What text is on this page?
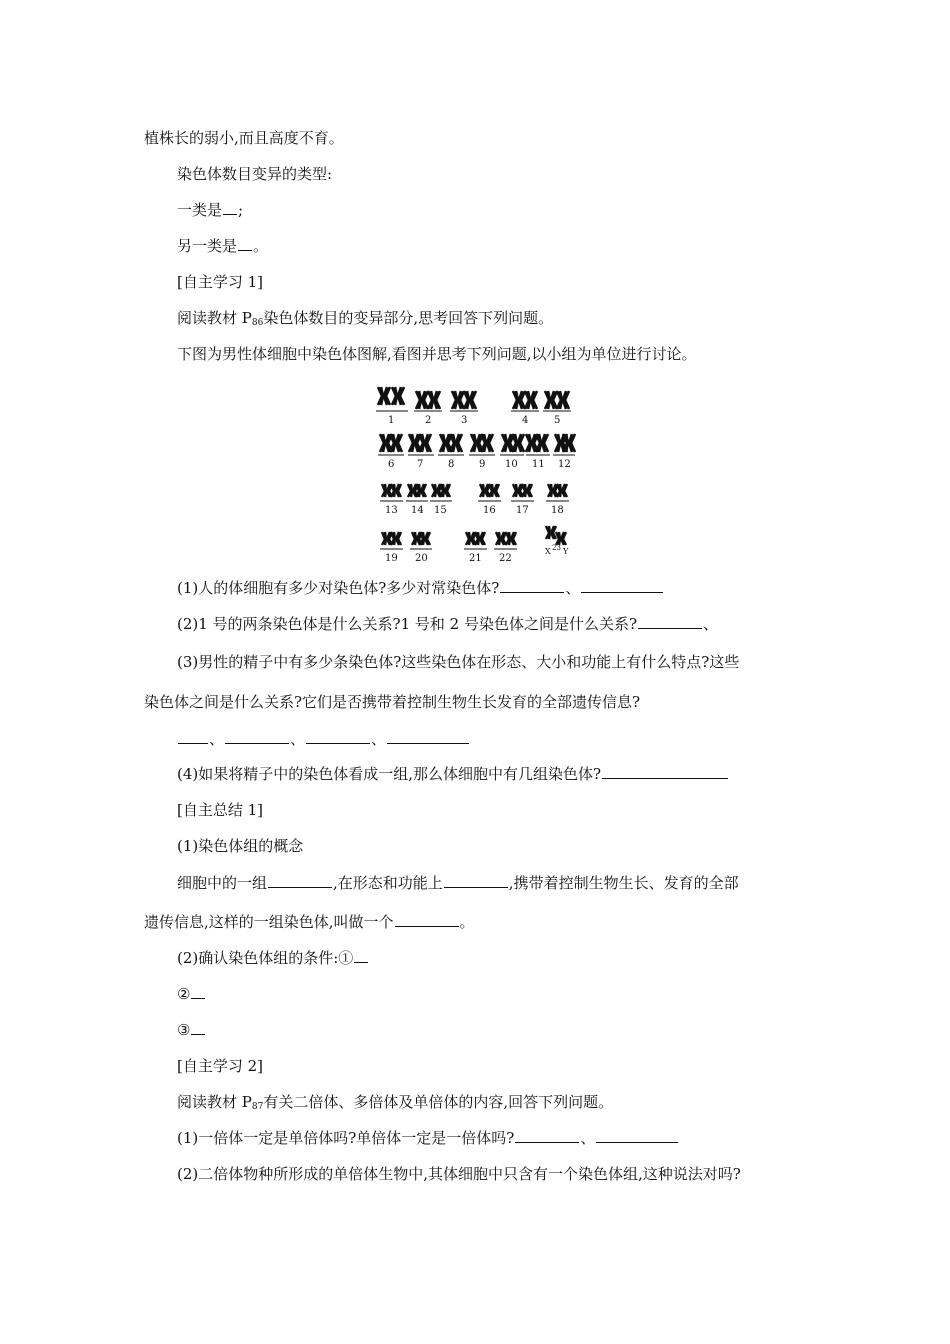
植株长的弱小,而且高度不育。
染色体数目变异的类型:
一类是 ;
另一类是 。
[自主学习 1]
阅读教材 $P_{86}$染色体数目的变异部分,思考回答下列问题。
下图为男性体细胞中染色体图解,看图并思考下列问题,以小组为单位进行讨论。
1	2	3	4	5
6 7 8 9 10 11 12
13 14 15	16 17 18
19 20	21 22
X 23 Y
(1)人的体细胞有多少对染色体?多少对常染色体?	、
(2)1 号的两条染色体是什么关系?1 号和 2 号染色体之间是什么关系?	、
(3)男性的精子中有多少条染色体?这些染色体在形态、大小和功能上有什么特点?这些
染色体之间是什么关系?它们是否携带着控制生物生长发育的全部遗传信息?
、	、	、
(4)如果将精子中的染色体看成一组,那么体细胞中有几组染色体?
[自主总结 1]
(1)染色体组的概念
细胞中的一组	,在形态和功能上	,携带着控制生物生长、发育的全部
遗传信息,这样的一组染色体,叫做一个	。
(2)确认染色体组的条件:①
②
③
[自主学习 2]
阅读教材 $P_{87}$有关二倍体、多倍体及单倍体的内容,回答下列问题。
(1)一倍体一定是单倍体吗?单倍体一定是一倍体吗?	、
(2)二倍体物种所形成的单倍体生物中,其体细胞中只含有一个染色体组,这种说法对吗?
